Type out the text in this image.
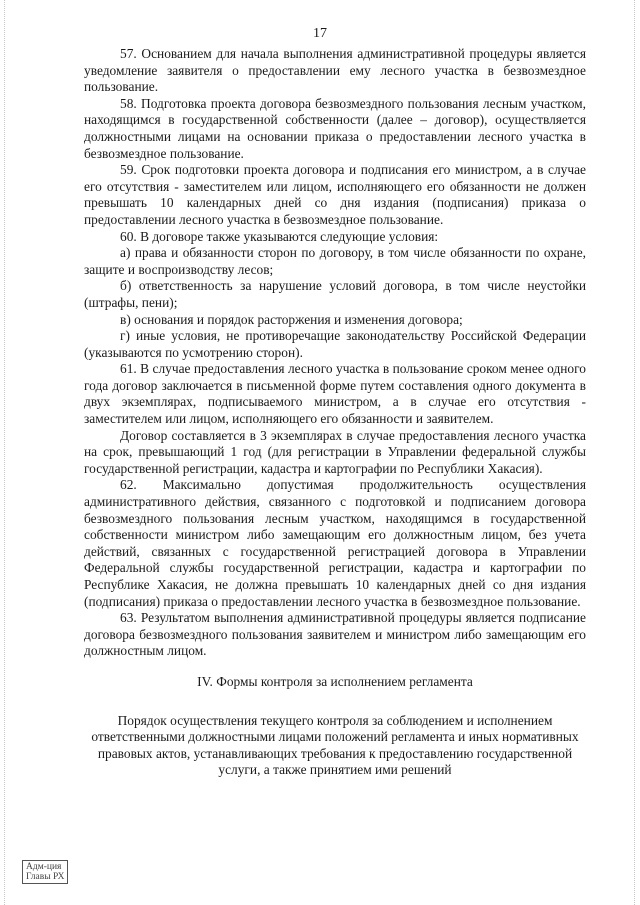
17

57. Основанием для начала выполнения административной процедуры является уведомление заявителя о предоставлении ему лесного участка в безвозмездное пользование.

58. Подготовка проекта договора безвозмездного пользования лесным участком, находящимся в государственной собственности (далее – договор), осуществляется должностными лицами на основании приказа о предоставлении лесного участка в безвозмездное пользование.

59. Срок подготовки проекта договора и подписания его министром, а в случае его отсутствия - заместителем или лицом, исполняющего его обязанности не должен превышать 10 календарных дней со дня издания (подписания) приказа о предоставлении лесного участка в безвозмездное пользование.

60. В договоре также указываются следующие условия:

а) права и обязанности сторон по договору, в том числе обязанности по охране, защите и воспроизводству лесов;

б) ответственность за нарушение условий договора, в том числе неустойки (штрафы, пени);

в) основания и порядок расторжения и изменения договора;

г) иные условия, не противоречащие законодательству Российской Федерации (указываются по усмотрению сторон).

61. В случае предоставления лесного участка в пользование сроком менее одного года договор заключается в письменной форме путем составления одного документа в двух экземплярах, подписываемого министром, а в случае его отсутствия - заместителем или лицом, исполняющего его обязанности и заявителем.

Договор составляется в 3 экземплярах в случае предоставления лесного участка на срок, превышающий 1 год (для регистрации в Управлении федеральной службы государственной регистрации, кадастра и картографии по Республики Хакасия).

62. Максимально допустимая продолжительность осуществления административного действия, связанного с подготовкой и подписанием договора безвозмездного пользования лесным участком, находящимся в государственной собственности министром либо замещающим его должностным лицом, без учета действий, связанных с государственной регистрацией договора в Управлении Федеральной службы государственной регистрации, кадастра и картографии по Республике Хакасия, не должна превышать 10 календарных дней со дня издания (подписания) приказа о предоставлении лесного участка в безвозмездное пользование.

63. Результатом выполнения административной процедуры является подписание договора безвозмездного пользования заявителем и министром либо замещающим его должностным лицом.

IV. Формы контроля за исполнением регламента

Порядок осуществления текущего контроля за соблюдением и исполнением ответственными должностными лицами положений регламента и иных нормативных правовых актов, устанавливающих требования к предоставлению государственной услуги, а также принятием ими решений

Адм-ция
Главы РХ
